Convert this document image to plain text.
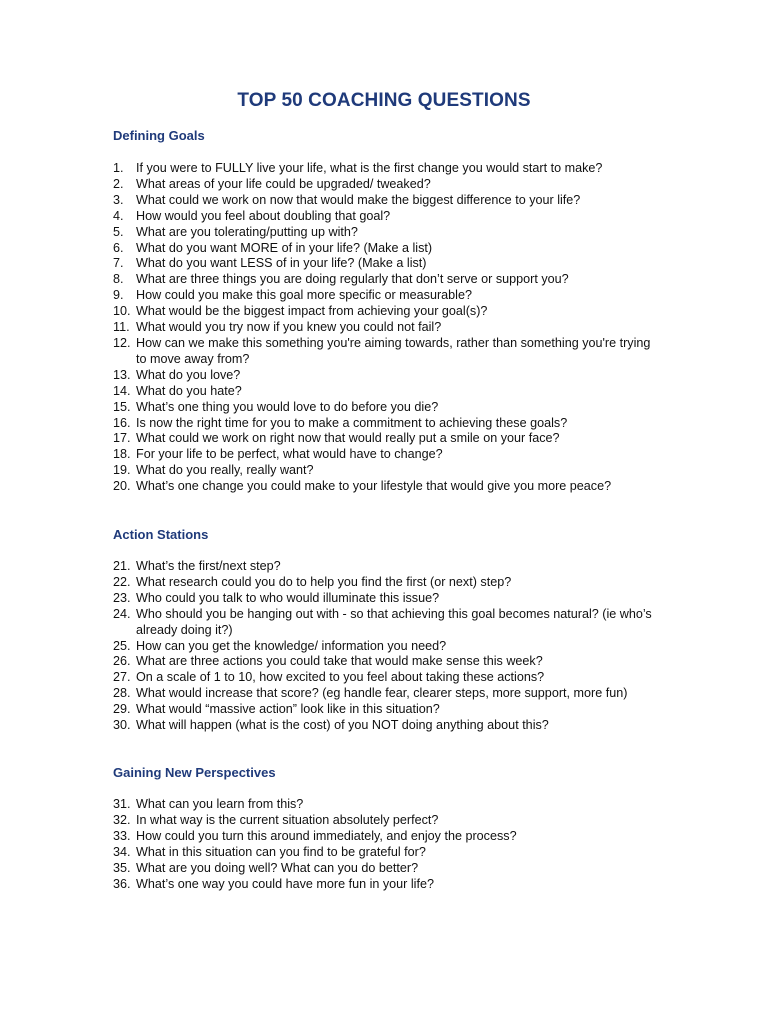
TOP 50 COACHING QUESTIONS
Defining Goals
1. If you were to FULLY live your life, what is the first change you would start to make?
2. What areas of your life could be upgraded/ tweaked?
3. What could we work on now that would make the biggest difference to your life?
4. How would you feel about doubling that goal?
5. What are you tolerating/putting up with?
6. What do you want MORE of in your life? (Make a list)
7. What do you want LESS of in your life? (Make a list)
8. What are three things you are doing regularly that don’t serve or support you?
9. How could you make this goal more specific or measurable?
10. What would be the biggest impact from achieving your goal(s)?
11. What would you try now if you knew you could not fail?
12. How can we make this something you're aiming towards, rather than something you're trying to move away from?
13. What do you love?
14. What do you hate?
15. What’s one thing you would love to do before you die?
16. Is now the right time for you to make a commitment to achieving these goals?
17. What could we work on right now that would really put a smile on your face?
18. For your life to be perfect, what would have to change?
19. What do you really, really want?
20. What’s one change you could make to your lifestyle that would give you more peace?
Action Stations
21. What’s the first/next step?
22. What research could you do to help you find the first (or next) step?
23. Who could you talk to who would illuminate this issue?
24. Who should you be hanging out with - so that achieving this goal becomes natural? (ie who’s already doing it?)
25. How can you get the knowledge/ information you need?
26. What are three actions you could take that would make sense this week?
27. On a scale of 1 to 10, how excited to you feel about taking these actions?
28. What would increase that score? (eg handle fear, clearer steps, more support, more fun)
29. What would “massive action” look like in this situation?
30. What will happen (what is the cost) of you NOT doing anything about this?
Gaining New Perspectives
31. What can you learn from this?
32. In what way is the current situation absolutely perfect?
33. How could you turn this around immediately, and enjoy the process?
34. What in this situation can you find to be grateful for?
35. What are you doing well? What can you do better?
36. What’s one way you could have more fun in your life?
